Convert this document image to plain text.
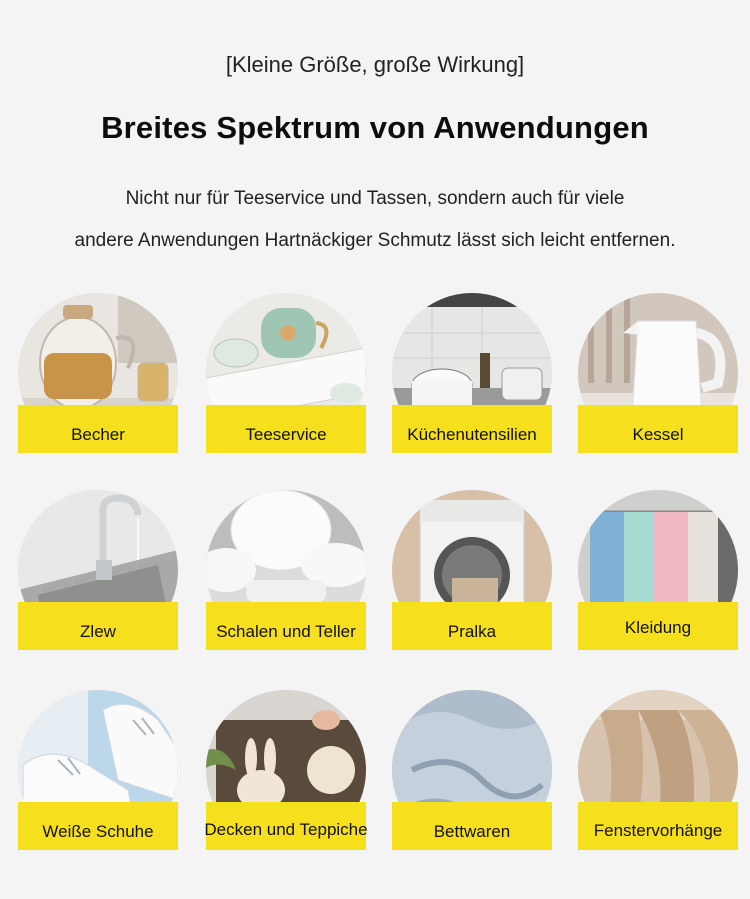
[Kleine Größe, große Wirkung]
Breites Spektrum von Anwendungen
Nicht nur für Teeservice und Tassen, sondern auch für viele
andere Anwendungen Hartnäckiger Schmutz lässt sich leicht entfernen.
Becher	Teeservice	Küchenutensilien	Kessel
Zlew	Schalen und Teller	Pralka	Kleidung
Weiße Schuhe	Decken und Teppiche	Bettwaren	Fenstervorhänge
